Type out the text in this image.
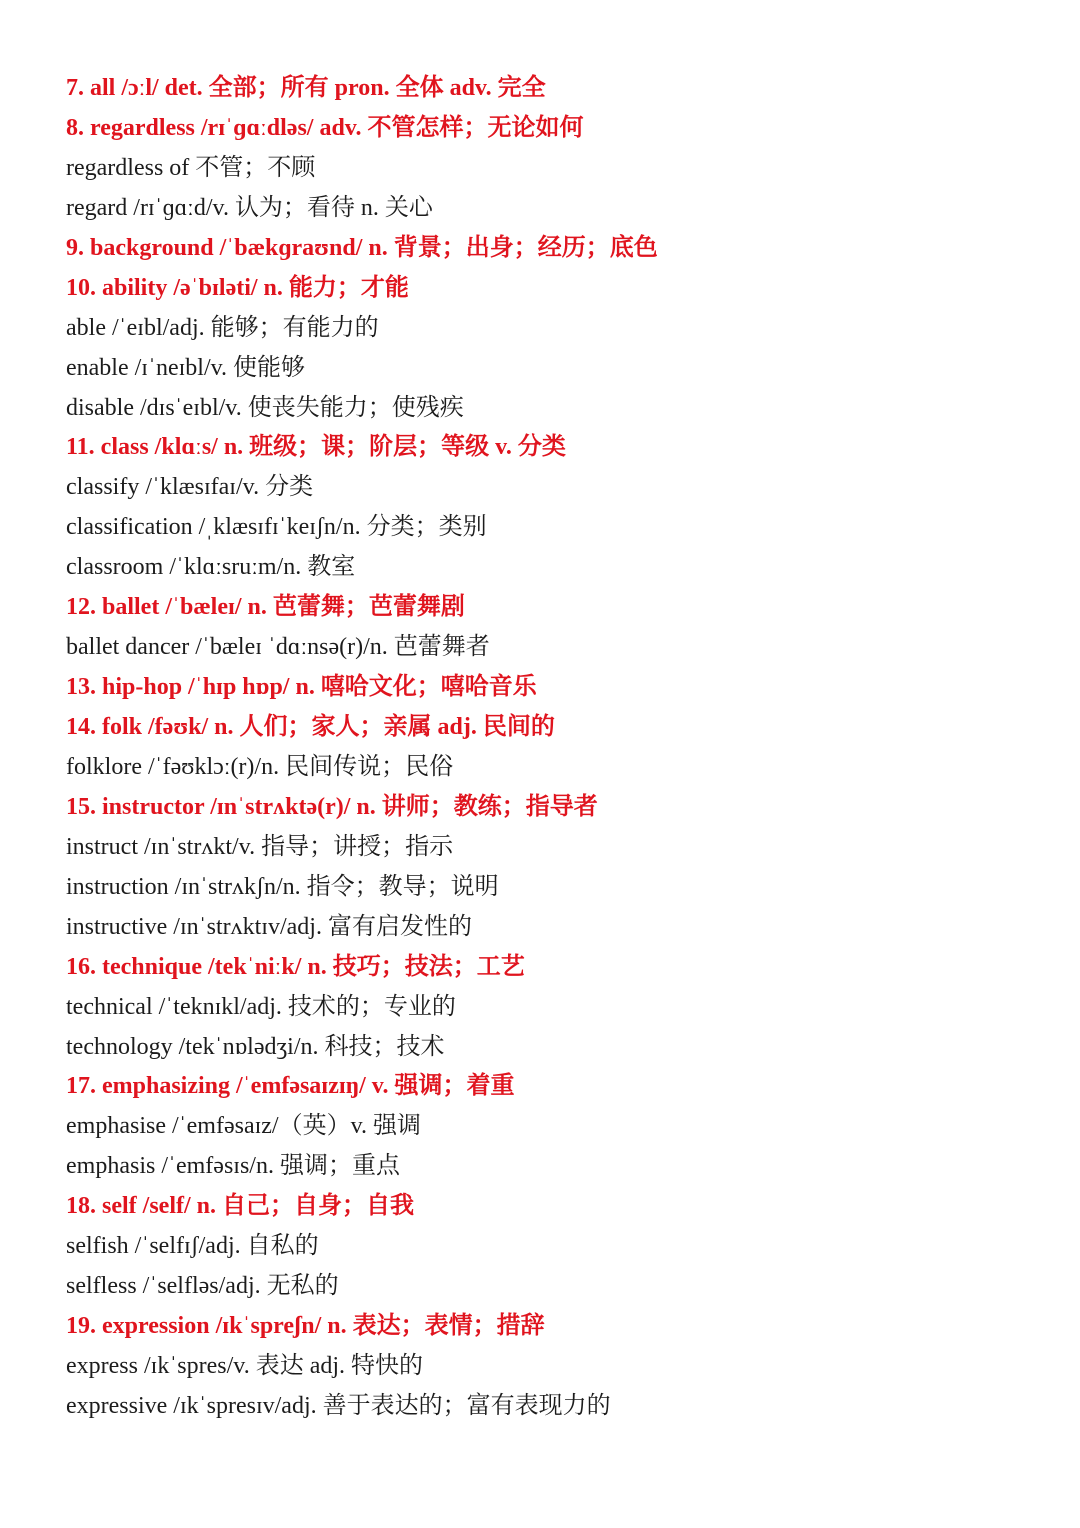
7. all /ɔːl/ det. 全部；所有 pron. 全体 adv. 完全
8. regardless /rɪˈɡɑːdləs/ adv. 不管怎样；无论如何
regardless of 不管；不顾
regard /rɪˈɡɑːd/v. 认为；看待 n. 关心
9. background /ˈbækɡraʊnd/ n. 背景；出身；经历；底色
10. ability /əˈbɪləti/ n. 能力；才能
able /ˈeɪbl/adj. 能够；有能力的
enable /ɪˈneɪbl/v. 使能够
disable /dɪsˈeɪbl/v. 使丧失能力；使残疾
11. class /klɑːs/ n. 班级；课；阶层；等级 v. 分类
classify /ˈklæsɪfaɪ/v. 分类
classification /ˌklæsɪfɪˈkeɪʃn/n. 分类；类别
classroom /ˈklɑːsruːm/n. 教室
12. ballet /ˈbæleɪ/ n. 芭蕾舞；芭蕾舞剧
ballet dancer /ˈbæleɪ ˈdɑːnsə(r)/n. 芭蕾舞者
13. hip-hop /ˈhɪp hɒp/ n. 嘻哈文化；嘻哈音乐
14. folk /fəʊk/ n. 人们；家人；亲属 adj. 民间的
folklore /ˈfəʊklɔː(r)/n. 民间传说；民俗
15. instructor /ɪnˈstrʌktə(r)/ n. 讲师；教练；指导者
instruct /ɪnˈstrʌkt/v. 指导；讲授；指示
instruction /ɪnˈstrʌkʃn/n. 指令；教导；说明
instructive /ɪnˈstrʌktɪv/adj. 富有启发性的
16. technique /tekˈniːk/ n. 技巧；技法；工艺
technical /ˈteknɪkl/adj. 技术的；专业的
technology /tekˈnɒlədʒi/n. 科技；技术
17. emphasizing /ˈemfəsaɪzɪŋ/ v. 强调；着重
emphasise /ˈemfəsaɪz/（英）v. 强调
emphasis /ˈemfəsɪs/n. 强调；重点
18. self /self/ n. 自己；自身；自我
selfish /ˈselfɪʃ/adj. 自私的
selfless /ˈselfləs/adj. 无私的
19. expression /ɪkˈspreʃn/ n. 表达；表情；措辞
express /ɪkˈspres/v. 表达 adj. 特快的
expressive /ɪkˈspresɪv/adj. 善于表达的；富有表现力的
